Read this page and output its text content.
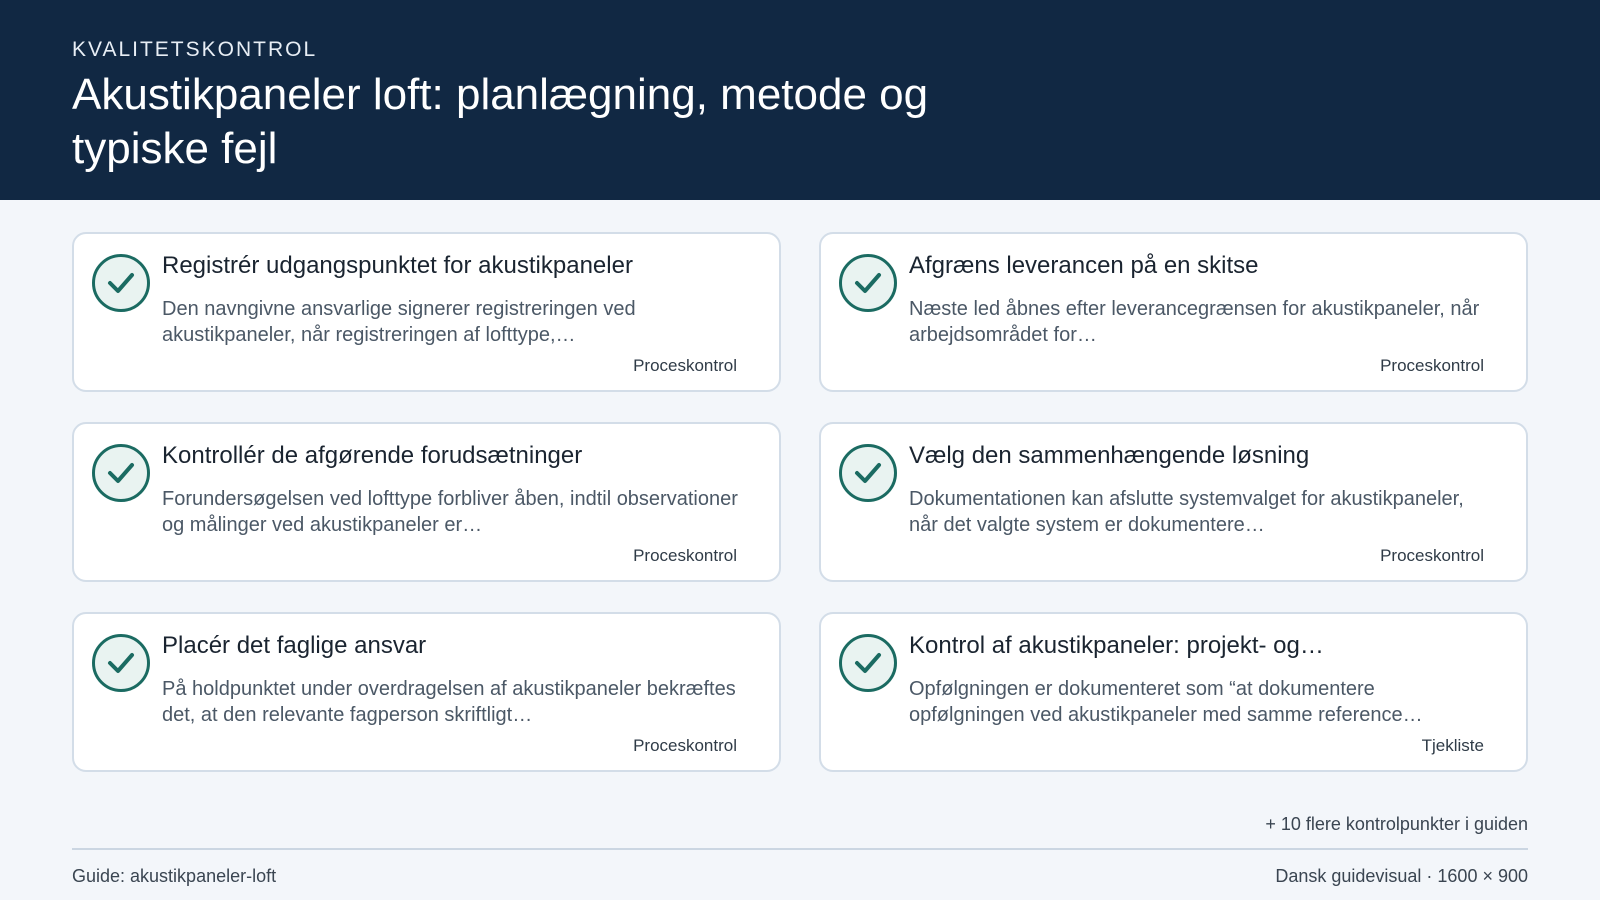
KVALITETSKONTROL
Akustikpaneler loft: planlægning, metode og typiske fejl
Registrér udgangspunktet for akustikpaneler
Den navngivne ansvarlige signerer registreringen ved akustikpaneler, når registreringen af lofttype,…
Proceskontrol
Afgræns leverancen på en skitse
Næste led åbnes efter leverancegrænsen for akustikpaneler, når arbejdsområdet for…
Proceskontrol
Kontrollér de afgørende forudsætninger
Forundersøgelsen ved lofttype forbliver åben, indtil observationer og målinger ved akustikpaneler er…
Proceskontrol
Vælg den sammenhængende løsning
Dokumentationen kan afslutte systemvalget for akustikpaneler, når det valgte system er dokumentere…
Proceskontrol
Placér det faglige ansvar
På holdpunktet under overdragelsen af akustikpaneler bekræftes det, at den relevante fagperson skriftligt…
Proceskontrol
Kontrol af akustikpaneler: projekt- og…
Opfølgningen er dokumenteret som “at dokumentere opfølgningen ved akustikpaneler med samme reference…
Tjekliste
+ 10 flere kontrolpunkter i guiden
Guide: akustikpaneler-loft	Dansk guidevisual · 1600 × 900
